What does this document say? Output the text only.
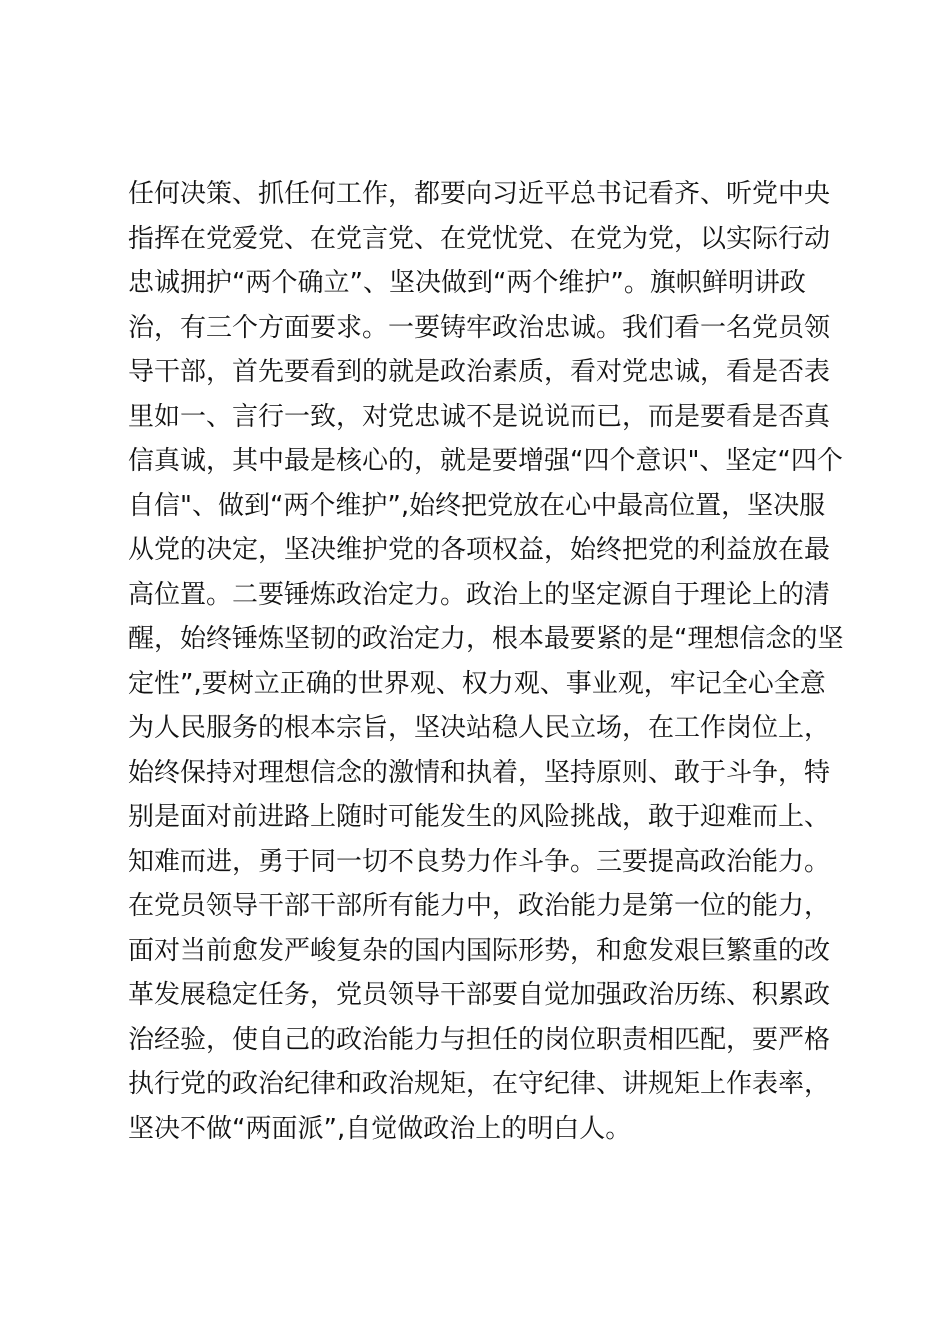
任何决策、抓任何工作，都要向习近平总书记看齐、听党中央
指挥在党爱党、在党言党、在党忧党、在党为党，以实际行动
忠诚拥护“两个确立”、坚决做到“两个维护”。旗帜鲜明讲政
治，有三个方面要求。一要铸牢政治忠诚。我们看一名党员领
导干部，首先要看到的就是政治素质，看对党忠诚，看是否表
里如一、言行一致，对党忠诚不是说说而已，而是要看是否真
信真诚，其中最是核心的，就是要增强“四个意识"、坚定“四个
自信"、做到“两个维护”,始终把党放在心中最高位置，坚决服
从党的决定，坚决维护党的各项权益，始终把党的利益放在最
高位置。二要锤炼政治定力。政治上的坚定源自于理论上的清
醒，始终锤炼坚韧的政治定力，根本最要紧的是“理想信念的坚
定性”,要树立正确的世界观、权力观、事业观，牢记全心全意
为人民服务的根本宗旨，坚决站稳人民立场，在工作岗位上，
始终保持对理想信念的激情和执着，坚持原则、敢于斗争，特
别是面对前进路上随时可能发生的风险挑战，敢于迎难而上、
知难而进，勇于同一切不良势力作斗争。三要提高政治能力。
在党员领导干部干部所有能力中，政治能力是第一位的能力，
面对当前愈发严峻复杂的国内国际形势，和愈发艰巨繁重的改
革发展稳定任务，党员领导干部要自觉加强政治历练、积累政
治经验，使自己的政治能力与担任的岗位职责相匹配，要严格
执行党的政治纪律和政治规矩，在守纪律、讲规矩上作表率，
坚决不做“两面派”,自觉做政治上的明白人。
